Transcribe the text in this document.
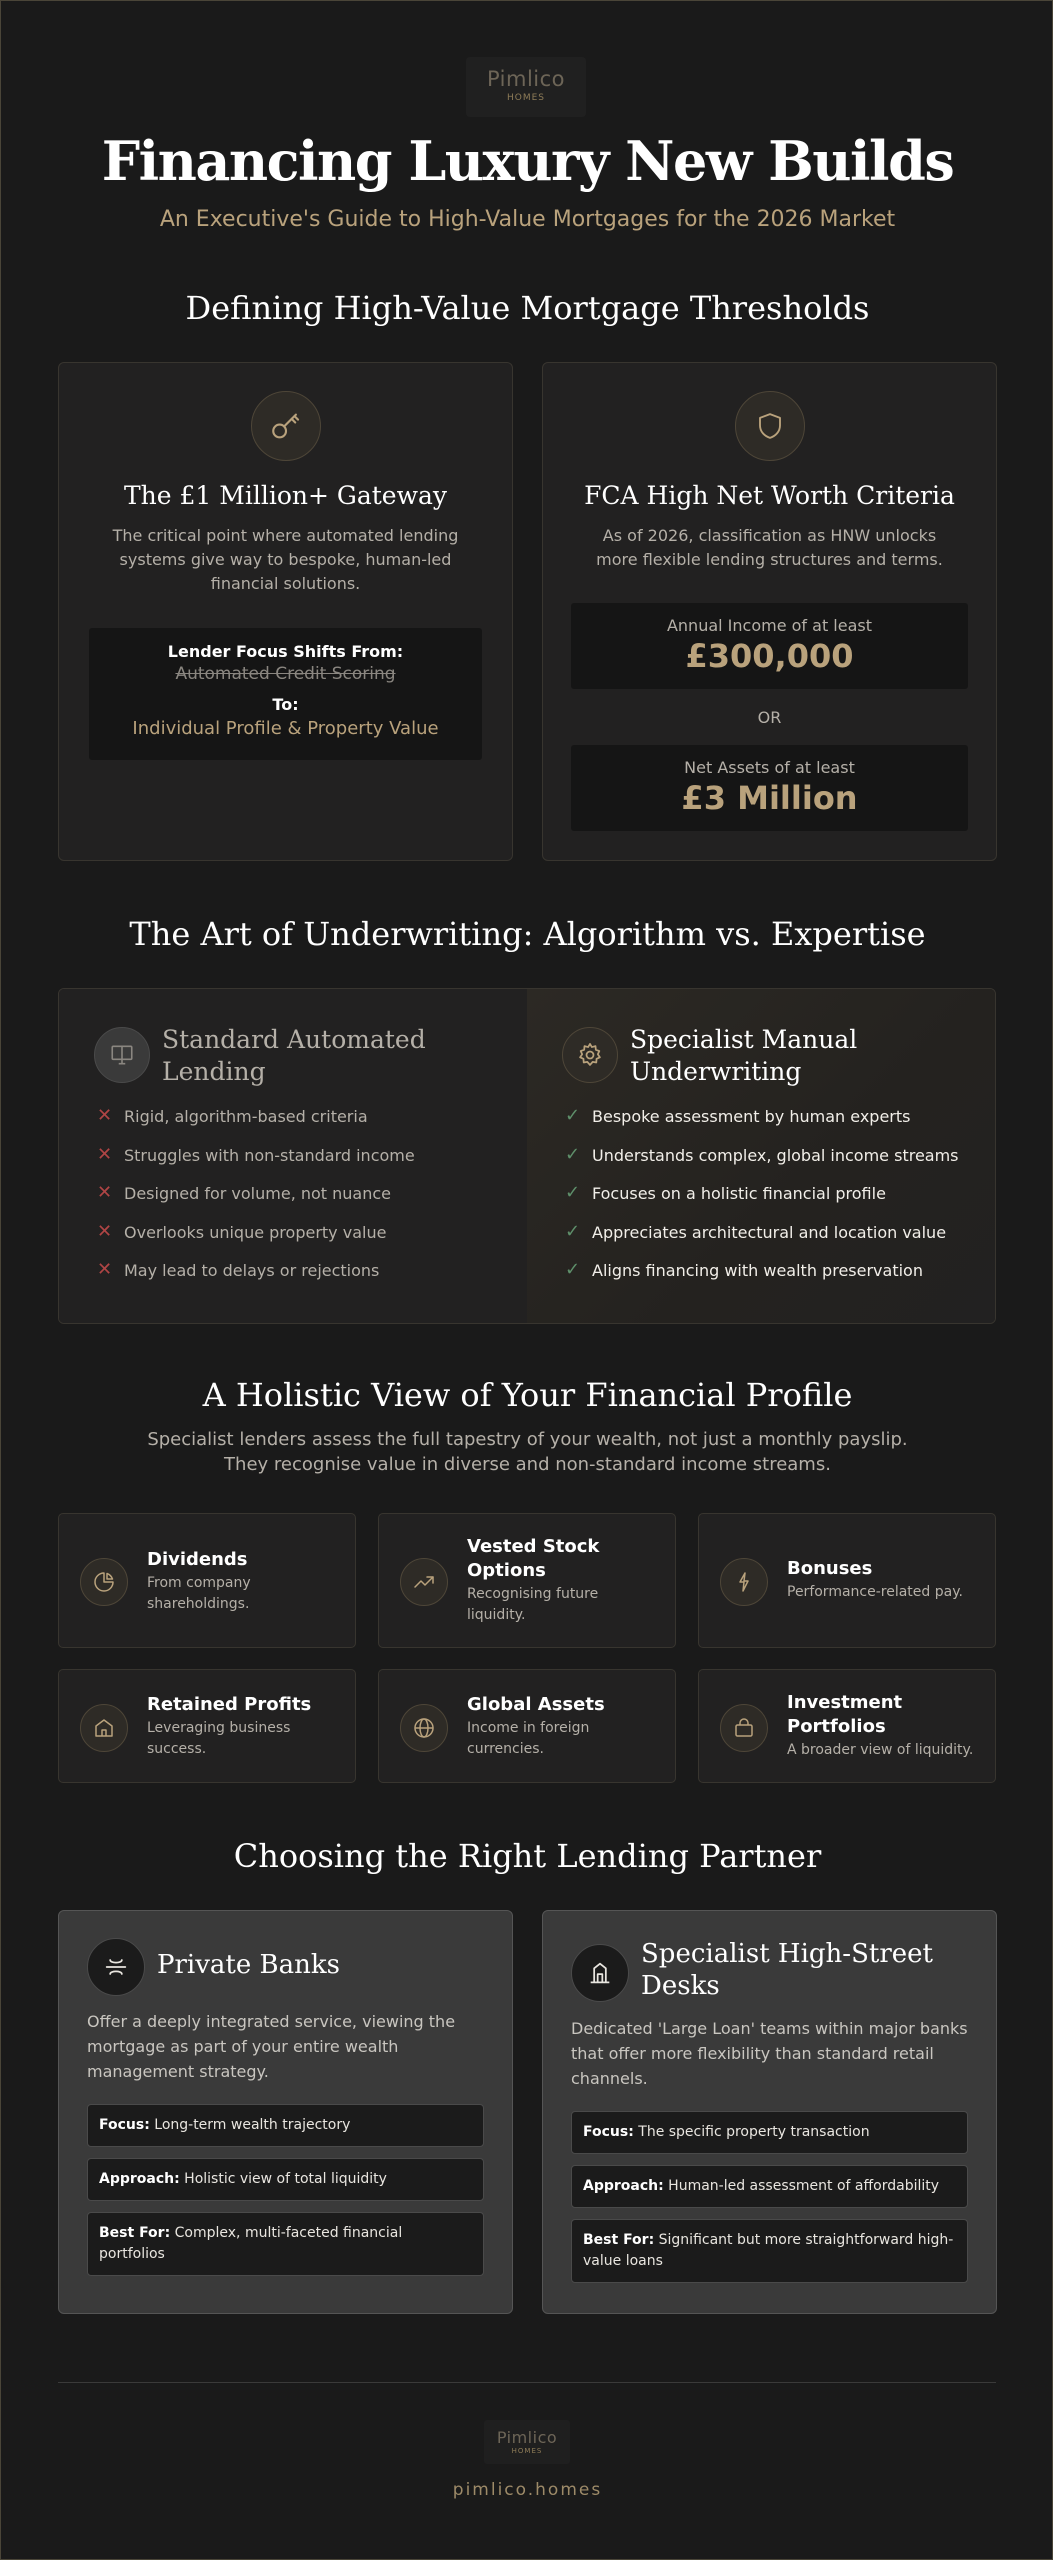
Pimlico
HOMES
Financing Luxury New Builds
An Executive's Guide to High-Value Mortgages for the 2026 Market
Defining High-Value Mortgage Thresholds
The £1 Million+ Gateway
The critical point where automated lending systems give way to bespoke, human-led financial solutions.
Lender Focus Shifts From:
Automated Credit Scoring
To:
Individual Profile & Property Value
FCA High Net Worth Criteria
As of 2026, classification as HNW unlocks more flexible lending structures and terms.
Annual Income of at least
£300,000
OR
Net Assets of at least
£3 Million
The Art of Underwriting: Algorithm vs. Expertise
Standard Automated Lending
✕ Rigid, algorithm-based criteria
✕ Struggles with non-standard income
✕ Designed for volume, not nuance
✕ Overlooks unique property value
✕ May lead to delays or rejections
Specialist Manual Underwriting
✓ Bespoke assessment by human experts
✓ Understands complex, global income streams
✓ Focuses on a holistic financial profile
✓ Appreciates architectural and location value
✓ Aligns financing with wealth preservation
A Holistic View of Your Financial Profile
Specialist lenders assess the full tapestry of your wealth, not just a monthly payslip.
They recognise value in diverse and non-standard income streams.
Dividends
From company shareholdings.
Vested Stock Options
Recognising future liquidity.
Bonuses
Performance-related pay.
Retained Profits
Leveraging business success.
Global Assets
Income in foreign currencies.
Investment Portfolios
A broader view of liquidity.
Choosing the Right Lending Partner
Private Banks
Offer a deeply integrated service, viewing the mortgage as part of your entire wealth management strategy.
Focus: Long-term wealth trajectory
Approach: Holistic view of total liquidity
Best For: Complex, multi-faceted financial portfolios
Specialist High-Street Desks
Dedicated 'Large Loan' teams within major banks that offer more flexibility than standard retail channels.
Focus: The specific property transaction
Approach: Human-led assessment of affordability
Best For: Significant but more straightforward high-value loans
Pimlico
HOMES
pimlico.homes
